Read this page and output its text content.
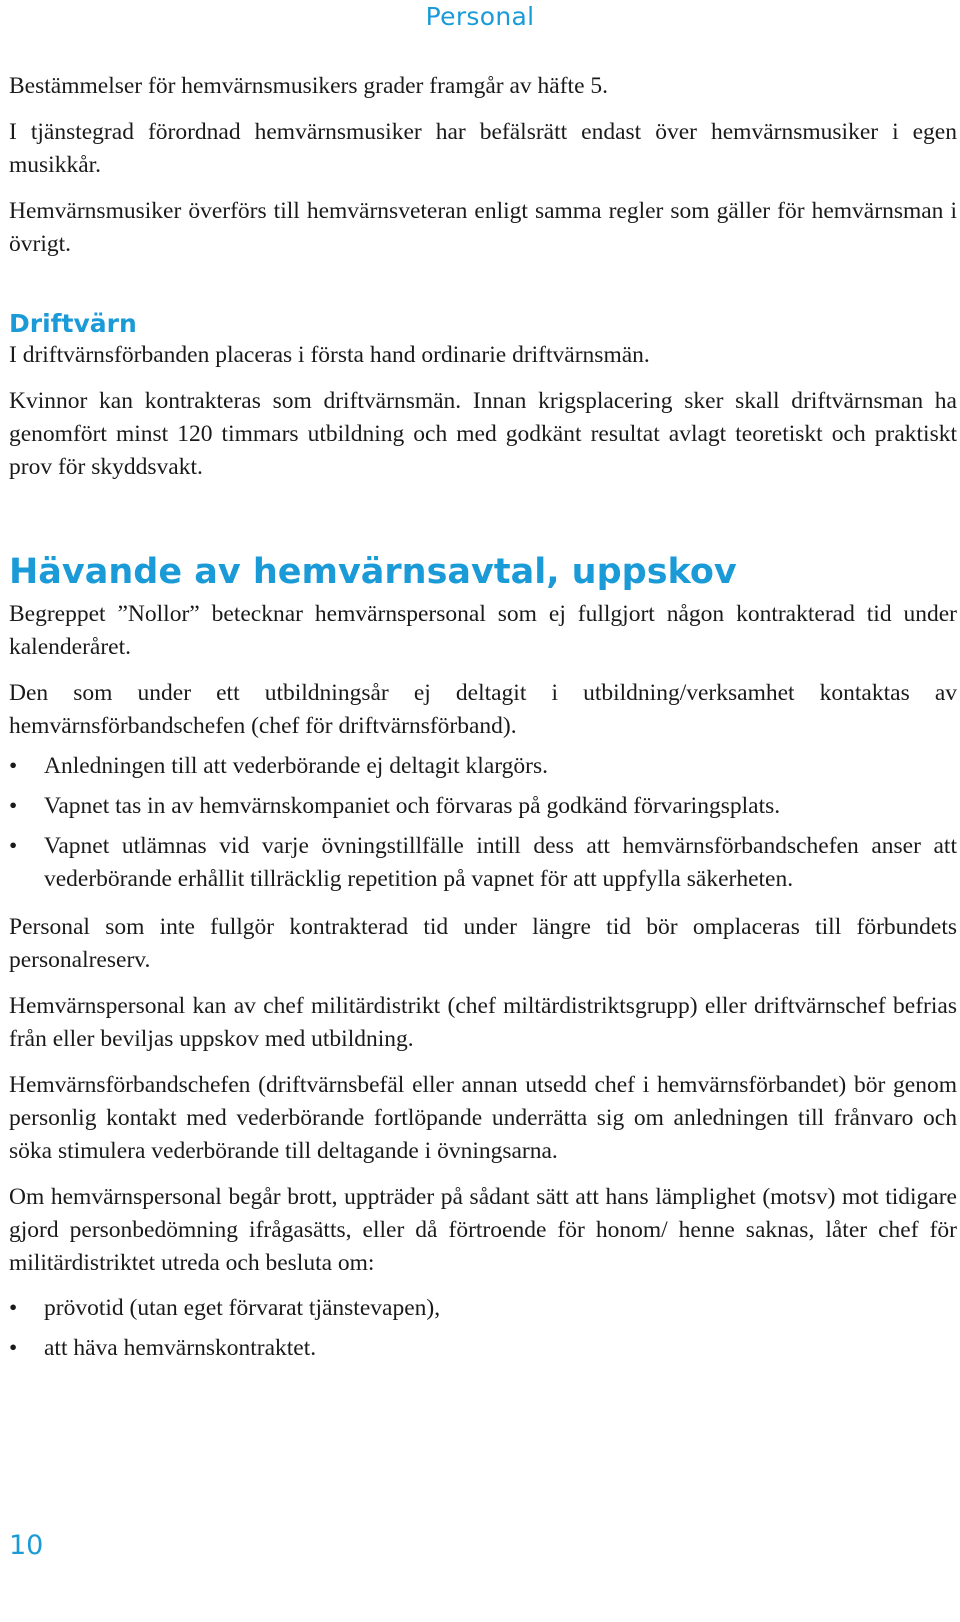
Personal

Bestämmelser för hemvärnsmusikers grader framgår av häfte 5.

I tjänstegrad förordnad hemvärnsmusiker har befälsrätt endast över hemvärnsmusiker i egen musikkår.

Hemvärnsmusiker överförs till hemvärnsveteran enligt samma regler som gäller för hemvärnsman i övrigt.

Driftvärn

I driftvärnsförbanden placeras i första hand ordinarie driftvärnsmän.

Kvinnor kan kontrakteras som driftvärnsmän. Innan krigsplacering sker skall driftvärnsman ha genomfört minst 120 timmars utbildning och med godkänt resultat avlagt teoretiskt och praktiskt prov för skyddsvakt.

Hävande av hemvärnsavtal, uppskov

Begreppet ”Nollor” betecknar hemvärnspersonal som ej fullgjort någon kontrakterad tid under kalenderåret.

Den som under ett utbildningsår ej deltagit i utbildning/verksamhet kontaktas av hemvärnsförbandschefen (chef för driftvärnsförband).

• Anledningen till att vederbörande ej deltagit klargörs.
• Vapnet tas in av hemvärnskompaniet och förvaras på godkänd förvaringsplats.
• Vapnet utlämnas vid varje övningstillfälle intill dess att hemvärnsförbandschefen anser att vederbörande erhållit tillräcklig repetition på vapnet för att uppfylla säkerheten.

Personal som inte fullgör kontrakterad tid under längre tid bör omplaceras till förbundets personalreserv.

Hemvärnspersonal kan av chef militärdistrikt (chef miltärdistriktsgrupp) eller driftvärnschef befrias från eller beviljas uppskov med utbildning.

Hemvärnsförbandschefen (driftvärnsbefäl eller annan utsedd chef i hemvärnsförbandet) bör genom personlig kontakt med vederbörande fortlöpande underrätta sig om anledningen till frånvaro och söka stimulera vederbörande till deltagande i övningsarna.

Om hemvärnspersonal begår brott, uppträder på sådant sätt att hans lämplighet (motsv) mot tidigare gjord personbedömning ifrågasätts, eller då förtroende för honom/ henne saknas, låter chef för militärdistriktet utreda och besluta om:

• prövotid (utan eget förvarat tjänstevapen),
• att häva hemvärnskontraktet.
10
